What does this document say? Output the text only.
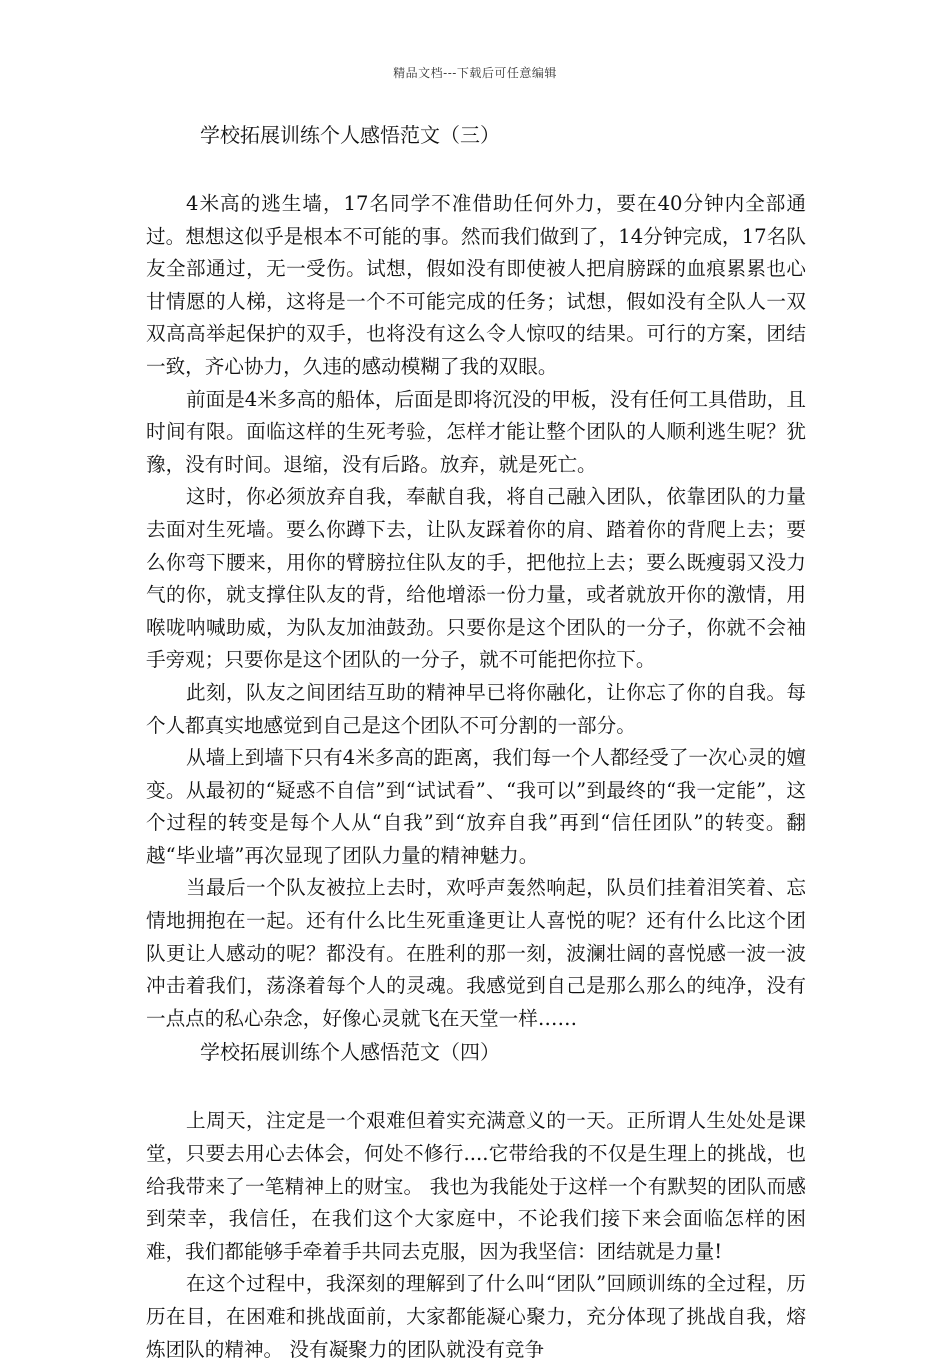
精品文档---下载后可任意编辑
学校拓展训练个人感悟范文（三）

4米高的逃生墙，17名同学不准借助任何外力，要在40分钟内全部通过。想想这似乎是根本不可能的事。然而我们做到了，14分钟完成，17名队友全部通过，无一受伤。试想，假如没有即使被人把肩膀踩的血痕累累也心甘情愿的人梯，这将是一个不可能完成的任务；试想，假如没有全队人一双双高高举起保护的双手，也将没有这么令人惊叹的结果。可行的方案，团结一致，齐心协力，久违的感动模糊了我的双眼。

前面是4米多高的船体，后面是即将沉没的甲板，没有任何工具借助，且时间有限。面临这样的生死考验，怎样才能让整个团队的人顺利逃生呢？犹豫，没有时间。退缩，没有后路。放弃，就是死亡。

这时，你必须放弃自我，奉献自我，将自己融入团队，依靠团队的力量去面对生死墙。要么你蹲下去，让队友踩着你的肩、踏着你的背爬上去；要么你弯下腰来，用你的臂膀拉住队友的手，把他拉上去；要么既瘦弱又没力气的你，就支撑住队友的背，给他增添一份力量，或者就放开你的激情，用喉咙呐喊助威，为队友加油鼓劲。只要你是这个团队的一分子，你就不会袖手旁观；只要你是这个团队的一分子，就不可能把你拉下。

此刻，队友之间团结互助的精神早已将你融化，让你忘了你的自我。每个人都真实地感觉到自己是这个团队不可分割的一部分。

从墙上到墙下只有4米多高的距离，我们每一个人都经受了一次心灵的嬗变。从最初的“疑惑不自信”到“试试看”、“我可以”到最终的“我一定能”，这个过程的转变是每个人从“自我”到“放弃自我”再到“信任团队”的转变。翻越“毕业墙”再次显现了团队力量的精神魅力。

当最后一个队友被拉上去时，欢呼声轰然响起，队员们挂着泪笑着、忘情地拥抱在一起。还有什么比生死重逢更让人喜悦的呢？还有什么比这个团队更让人感动的呢？都没有。在胜利的那一刻，波澜壮阔的喜悦感一波一波冲击着我们，荡涤着每个人的灵魂。我感觉到自己是那么那么的纯净，没有一点点的私心杂念，好像心灵就飞在天堂一样……

学校拓展训练个人感悟范文（四）

上周天，注定是一个艰难但着实充满意义的一天。正所谓人生处处是课堂，只要去用心去体会，何处不修行....它带给我的不仅是生理上的挑战，也给我带来了一笔精神上的财宝。 我也为我能处于这样一个有默契的团队而感到荣幸，我信任，在我们这个大家庭中，不论我们接下来会面临怎样的困难，我们都能够手牵着手共同去克服，因为我坚信：团结就是力量!

在这个过程中，我深刻的理解到了什么叫“团队”回顾训练的全过程，历历在目，在困难和挑战面前，大家都能凝心聚力，充分体现了挑战自我，熔炼团队的精神。 没有凝聚力的团队就没有竞争
